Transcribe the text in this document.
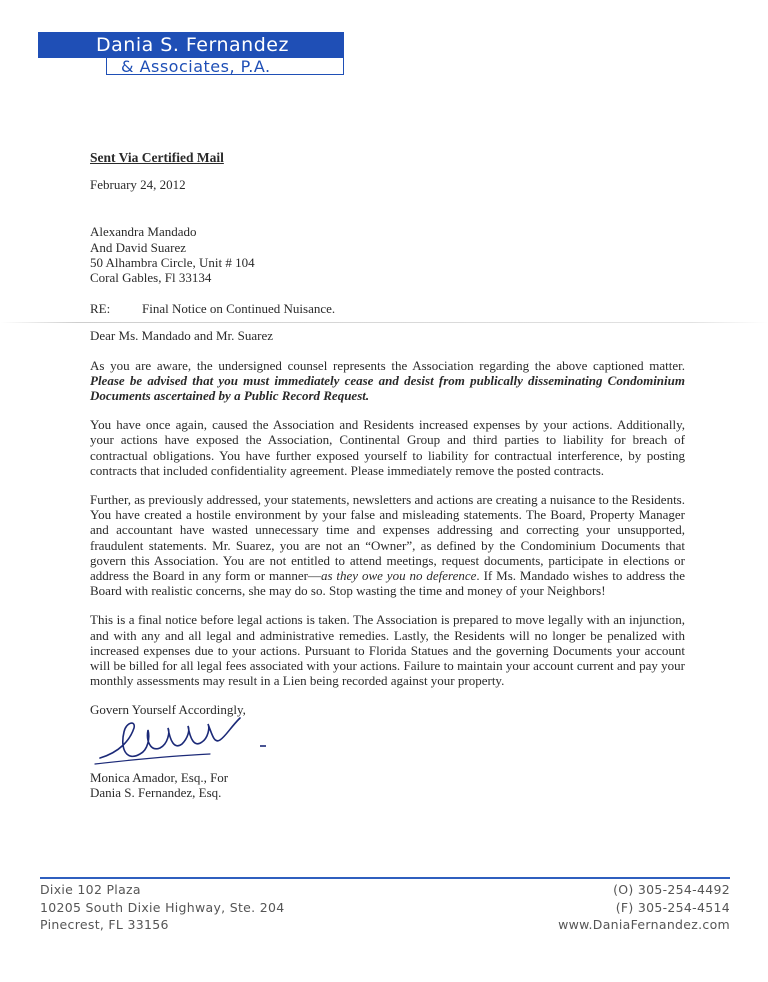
Dania S. Fernandez
& Associates, P.A.

Sent Via Certified Mail

February 24, 2012

Alexandra Mandado
And David Suarez
50 Alhambra Circle, Unit # 104
Coral Gables, Fl 33134
RE:	Final Notice on Continued Nuisance.

Dear Ms. Mandado and Mr. Suarez

As you are aware, the undersigned counsel represents the Association regarding the above captioned matter. Please be advised that you must immediately cease and desist from publically disseminating Condominium Documents ascertained by a Public Record Request.

You have once again, caused the Association and Residents increased expenses by your actions. Additionally, your actions have exposed the Association, Continental Group and third parties to liability for breach of contractual obligations. You have further exposed yourself to liability for contractual interference, by posting contracts that included confidentiality agreement. Please immediately remove the posted contracts.

Further, as previously addressed, your statements, newsletters and actions are creating a nuisance to the Residents. You have created a hostile environment by your false and misleading statements. The Board, Property Manager and accountant have wasted unnecessary time and expenses addressing and correcting your unsupported, fraudulent statements. Mr. Suarez, you are not an “Owner”, as defined by the Condominium Documents that govern this Association. You are not entitled to attend meetings, request documents, participate in elections or address the Board in any form or manner—as they owe you no deference. If Ms. Mandado wishes to address the Board with realistic concerns, she may do so. Stop wasting the time and money of your Neighbors!

This is a final notice before legal actions is taken. The Association is prepared to move legally with an injunction, and with any and all legal and administrative remedies. Lastly, the Residents will no longer be penalized with increased expenses due to your actions. Pursuant to Florida Statues and the governing Documents your account will be billed for all legal fees associated with your actions. Failure to maintain your account current and pay your monthly assessments may result in a Lien being recorded against your property.

Govern Yourself Accordingly,

Monica Amador, Esq., For
Dania S. Fernandez, Esq.
Dixie 102 Plaza
10205 South Dixie Highway, Ste. 204
Pinecrest, FL 33156
(O) 305-254-4492
(F) 305-254-4514
www.DaniaFernandez.com
